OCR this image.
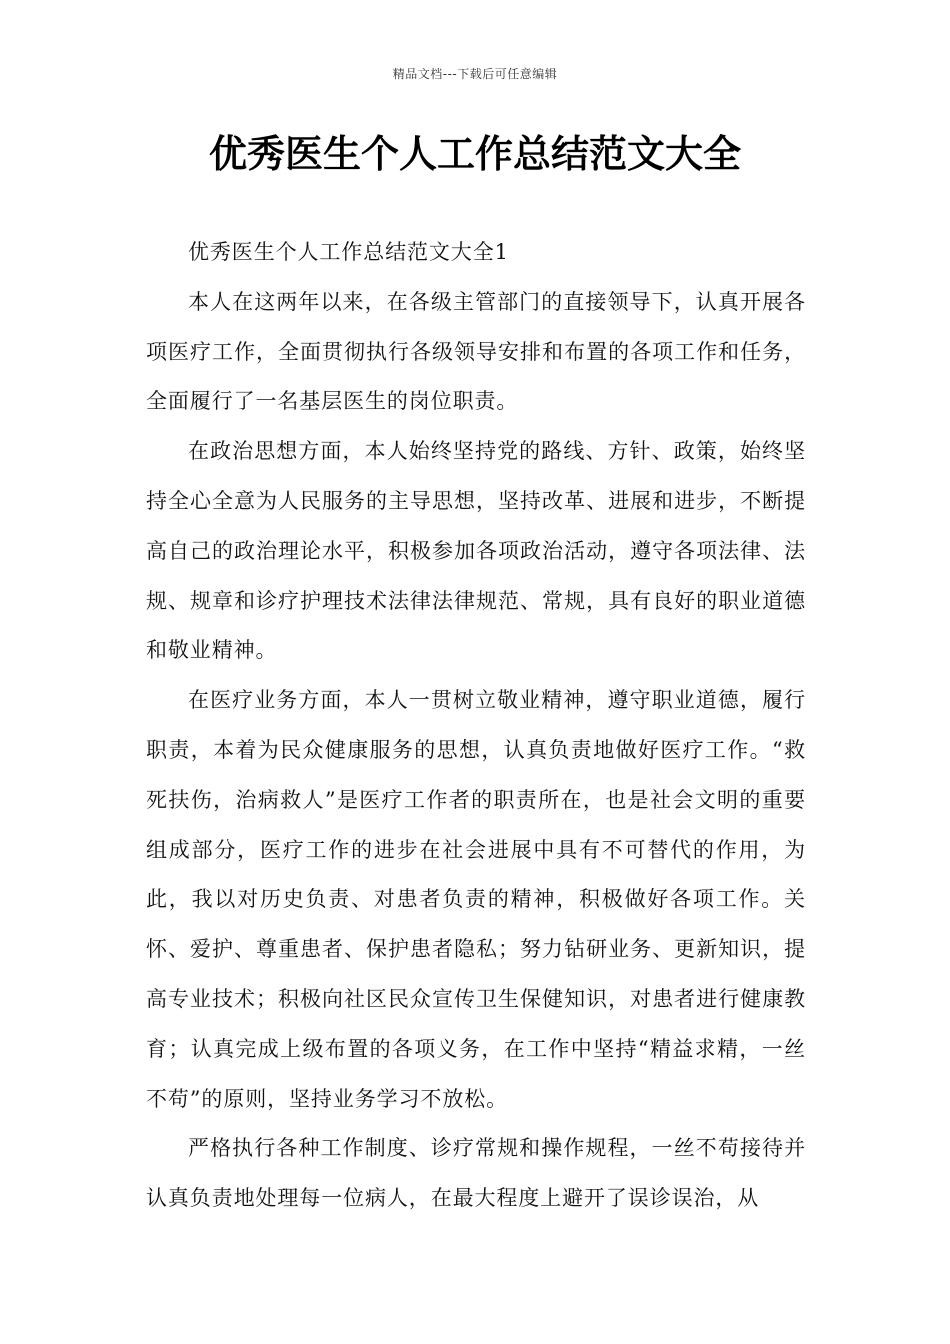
精品文档---下载后可任意编辑
优秀医生个人工作总结范文大全

优秀医生个人工作总结范文大全1

本人在这两年以来，在各级主管部门的直接领导下，认真开展各项医疗工作，全面贯彻执行各级领导安排和布置的各项工作和任务，全面履行了一名基层医生的岗位职责。

在政治思想方面，本人始终坚持党的路线、方针、政策，始终坚持全心全意为人民服务的主导思想，坚持改革、进展和进步，不断提高自己的政治理论水平，积极参加各项政治活动，遵守各项法律、法规、规章和诊疗护理技术法律法律规范、常规，具有良好的职业道德和敬业精神。

在医疗业务方面，本人一贯树立敬业精神，遵守职业道德，履行职责，本着为民众健康服务的思想，认真负责地做好医疗工作。“救死扶伤，治病救人”是医疗工作者的职责所在，也是社会文明的重要组成部分，医疗工作的进步在社会进展中具有不可替代的作用，为此，我以对历史负责、对患者负责的精神，积极做好各项工作。关怀、爱护、尊重患者、保护患者隐私；努力钻研业务、更新知识，提高专业技术；积极向社区民众宣传卫生保健知识，对患者进行健康教育；认真完成上级布置的各项义务，在工作中坚持“精益求精，一丝不苟”的原则，坚持业务学习不放松。

严格执行各种工作制度、诊疗常规和操作规程，一丝不苟接待并认真负责地处理每一位病人，在最大程度上避开了误诊误治，从
